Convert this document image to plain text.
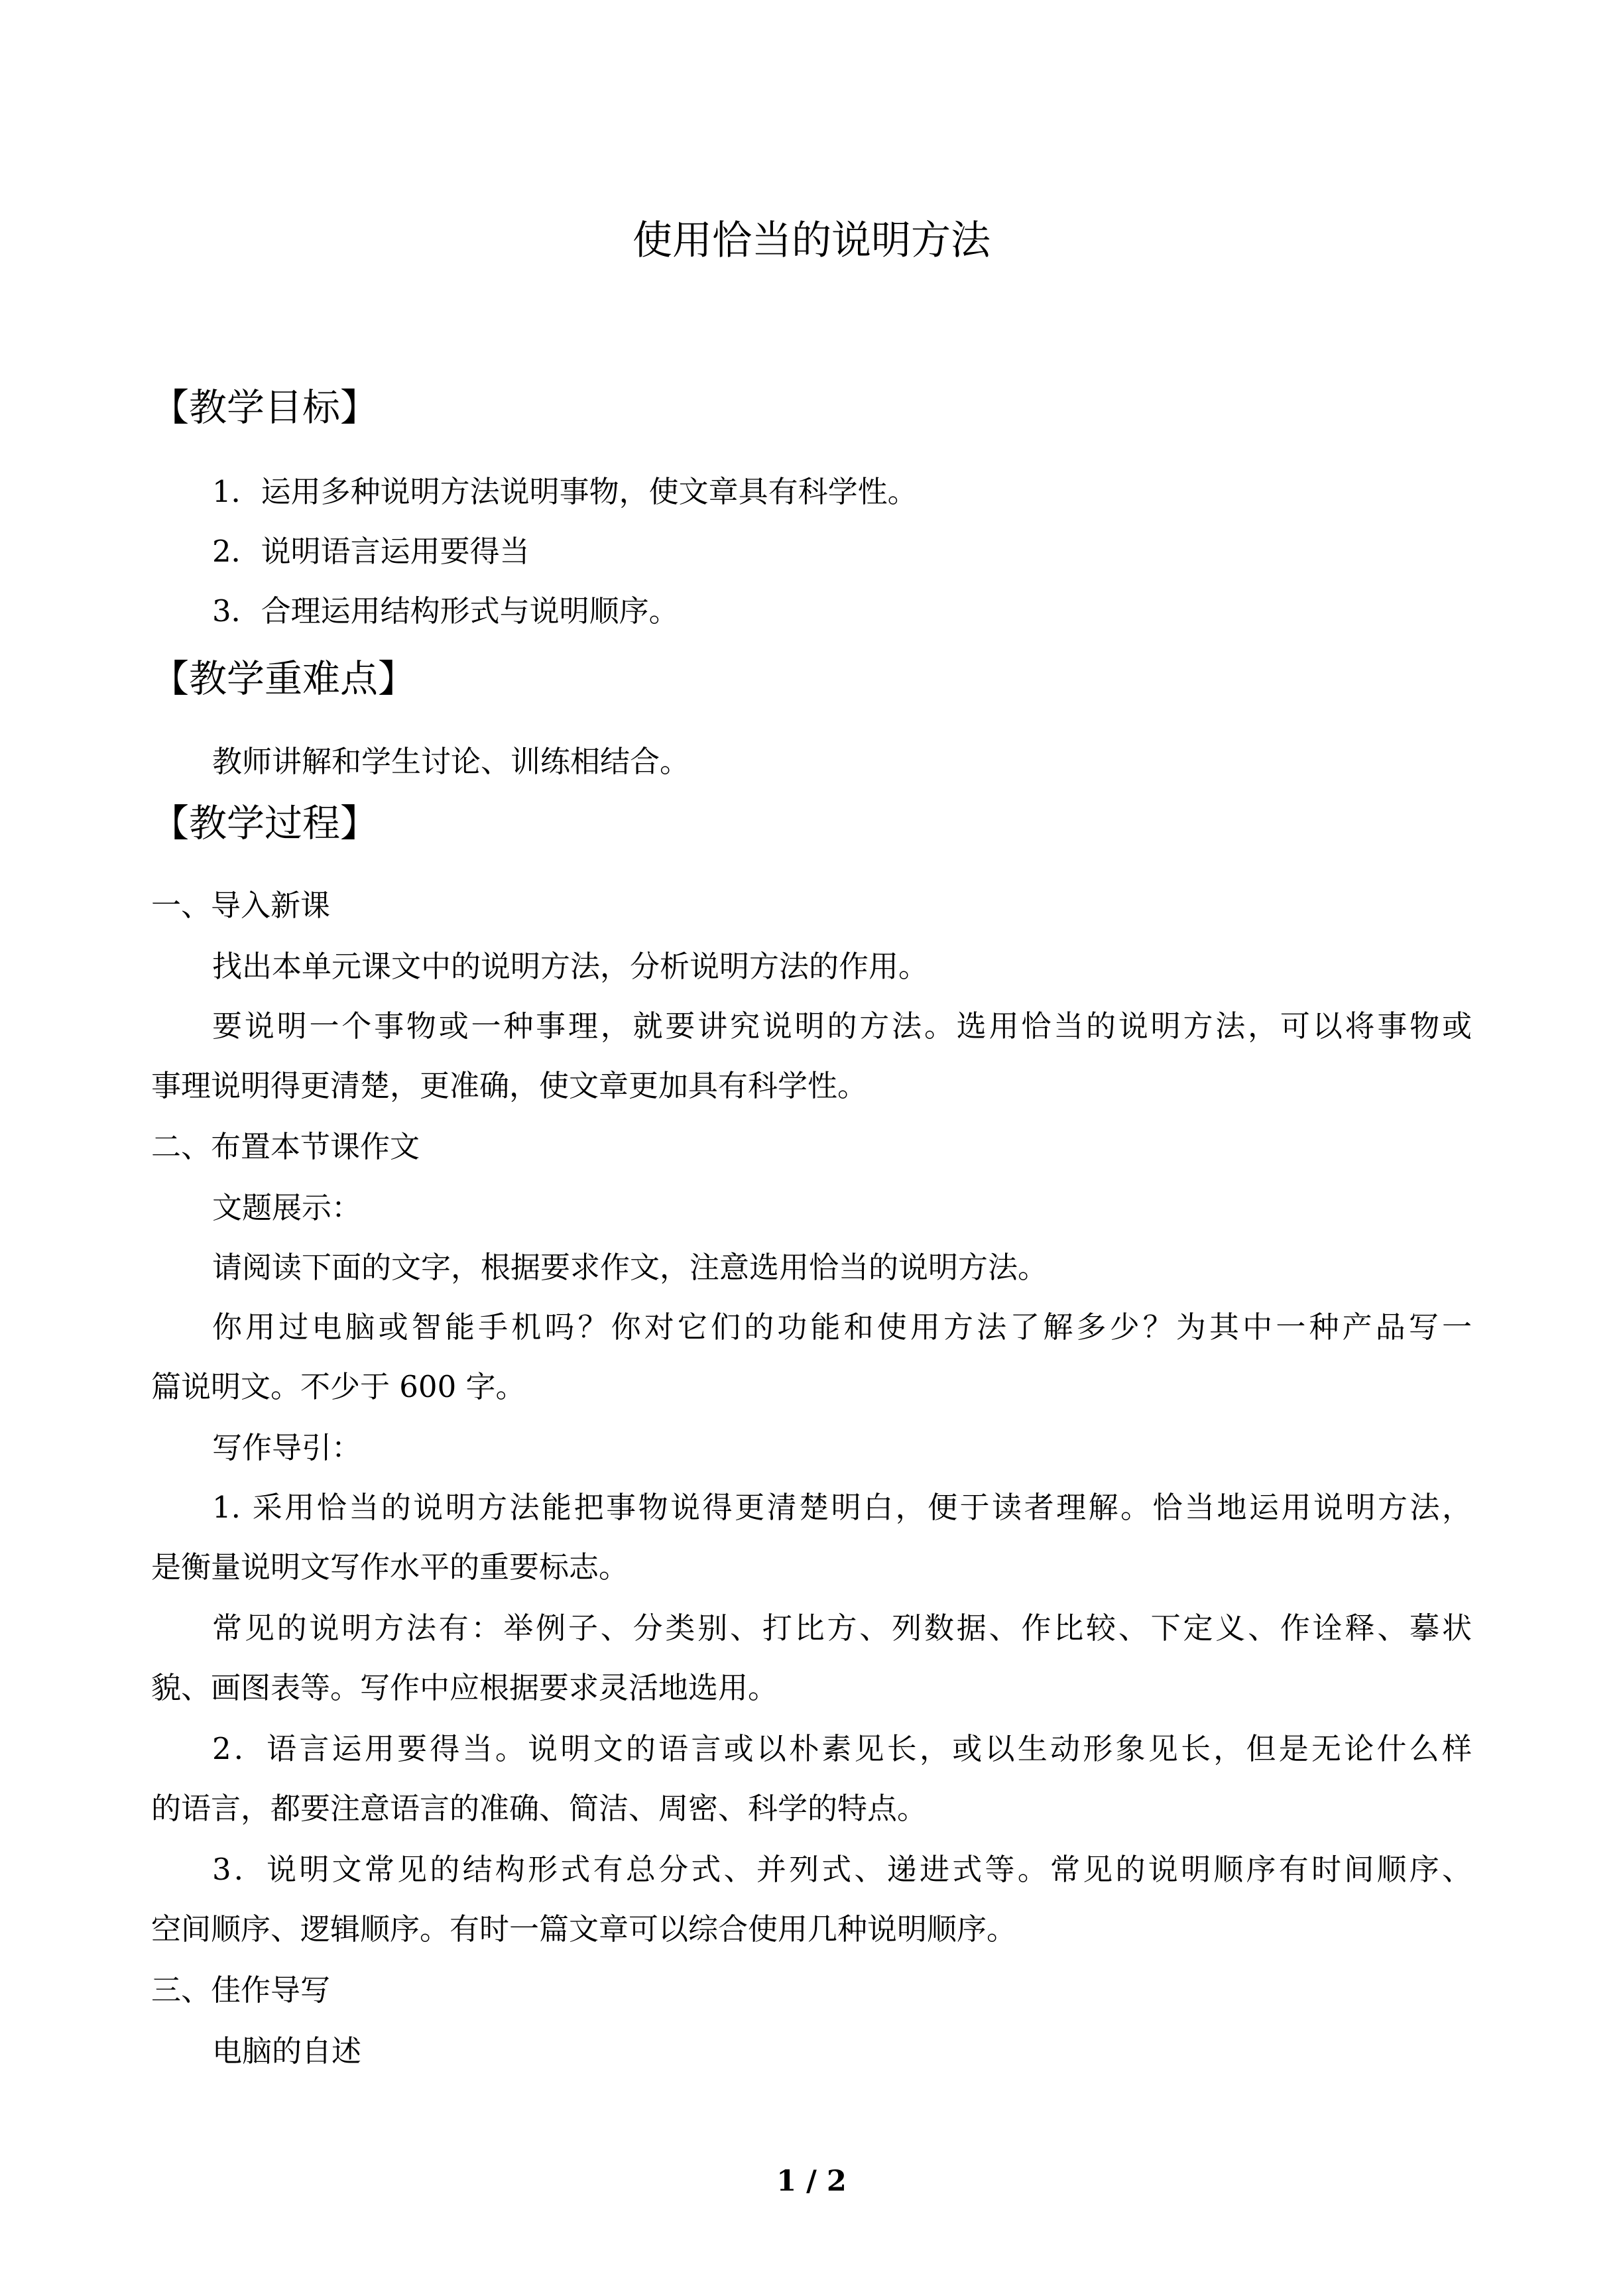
使用恰当的说明方法
【教学目标】
1．运用多种说明方法说明事物，使文章具有科学性。
2．说明语言运用要得当
3．合理运用结构形式与说明顺序。
【教学重难点】
教师讲解和学生讨论、训练相结合。
【教学过程】
一、导入新课
找出本单元课文中的说明方法，分析说明方法的作用。
要说明一个事物或一种事理，就要讲究说明的方法。选用恰当的说明方法，可以将事物或
事理说明得更清楚，更准确，使文章更加具有科学性。
二、布置本节课作文
文题展示：
请阅读下面的文字，根据要求作文，注意选用恰当的说明方法。
你用过电脑或智能手机吗？你对它们的功能和使用方法了解多少？为其中一种产品写一
篇说明文。不少于 600 字。
写作导引：
1. 采用恰当的说明方法能把事物说得更清楚明白，便于读者理解。恰当地运用说明方法，
是衡量说明文写作水平的重要标志。
常见的说明方法有：举例子、分类别、打比方、列数据、作比较、下定义、作诠释、摹状
貌、画图表等。写作中应根据要求灵活地选用。
2．语言运用要得当。说明文的语言或以朴素见长，或以生动形象见长，但是无论什么样
的语言，都要注意语言的准确、简洁、周密、科学的特点。
3．说明文常见的结构形式有总分式、并列式、递进式等。常见的说明顺序有时间顺序、
空间顺序、逻辑顺序。有时一篇文章可以综合使用几种说明顺序。
三、佳作导写
电脑的自述
1 / 2
